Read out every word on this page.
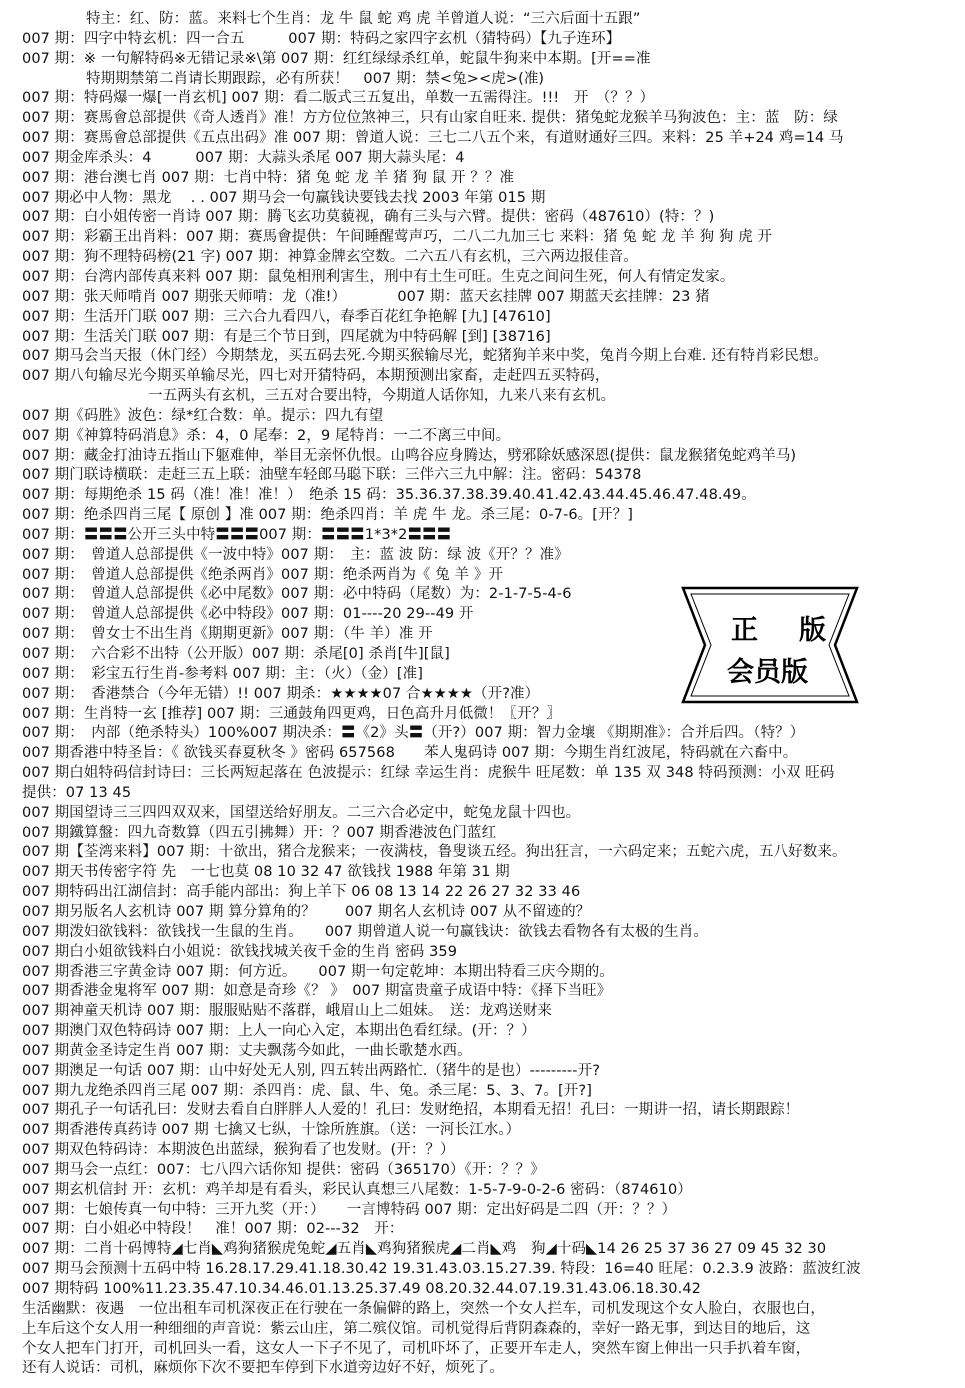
特主：红、防：蓝。来料七个生肖：龙 牛 鼠 蛇 鸡 虎 羊曾道人说：“三六后面十五跟”
007 期：四字中特玄机：四一合五　　　007 期：特码之家四字玄机（猜特码）【九子连环】
007 期：※ 一句解特码※无错记录※\第 007 期：红红绿绿杀红单，蛇鼠牛狗来中本期。[开==准
特期期禁第二肖请长期跟踪，必有所获！　007 期：禁<兔><虎>(准)
007 期：特码爆一爆[一肖玄机] 007 期：看二版式三五复出，单数一五需得注。!!!　开　（？？）
007 期：赛馬會总部提供《奇人透肖》准！方方位位煞神三，只有山家自旺来. 提供：猪兔蛇龙猴羊马狗波色：主：蓝　防：绿
007 期：赛馬會总部提供《五点出码》准 007 期：曾道人说：三七二八五个来，有道财通好三四。来料：25 羊+24 鸡=14 马
007 期金库杀头：4　　　007 期：大蒜头杀尾 007 期大蒜头尾：4
007 期：港台澳七肖 007 期：七肖中特：猪 兔 蛇 龙 羊 猪 狗 鼠 开 ？？准
007 期必中人物：黑龙　 . . 007 期马会一句赢钱诀要钱去找 2003 年第 015 期
007 期：白小姐传密一肖诗 007 期：腾飞玄功莫藐视，确有三头与六臂。提供：密码（487610）(特：？)
007 期：彩霸王出肖料：007 期：赛馬會提供：午间睡醒莺声巧，二八二九加三七 来料：猪 兔 蛇 龙 羊 狗 狗 虎 开
007 期：狗不理特码榜(21 字) 007 期：神算金牌玄空数。二六五八有玄机，三六两边报佳音。
007 期：台湾内部传真来料 007 期：鼠兔相刑利害生，刑中有土生可旺。生克之间问生死，何人有情定发家。
007 期：张天师啃肖 007 期张天师啃：龙（准!）　　　　007 期：蓝天玄挂牌 007 期蓝天玄挂牌：23 猪
007 期：生活开门联 007 期：三六合九看四八，春季百花红争艳解 [九] [47610]
007 期：生活关门联 007 期：有是三个节日到，四尾就为中特码解 [到] [38716]
007 期马会当天报（休门经）今期禁龙，买五码去死.今期买猴输尽光，蛇猪狗羊来中奖，兔肖今期上台难. 还有特肖彩民想。
007 期八句输尽光今期买单输尽光，四七对开猜特码，本期预测出家畜，走赶四五买特码，
一五两头有玄机，三五对合要出特，今期道人话你知，九来八来有玄机。
007 期《码胜》波色：绿*红合数：单。提示：四九有望
007 期《神算特码消息》杀：4，0 尾奉：2，9 尾特肖：一二不离三中间。
007 期：藏金打油诗五指山下躯难伸，举目无亲怀仇恨。山鸣谷应身腾达，劈邪除妖感深恩(提供：鼠龙猴猪兔蛇鸡羊马)
007 期门联诗横联：走赶三五上联：油壁车轻郎马聪下联：三伴六三九中解：注。密码：54378
007 期：每期绝杀 15 码（准！准！准！）　绝杀 15 码：35.36.37.38.39.40.41.42.43.44.45.46.47.48.49。
007 期：绝杀四肖三尾【 原创 】准 007 期：绝杀四肖：羊 虎 牛 龙。杀三尾：0-7-6。[开？]
007 期：〓〓〓公开三头中特〓〓〓007 期：〓〓〓1*3*2〓〓〓
007 期：　曾道人总部提供《一波中特》007 期：　主：蓝 波 防：绿 波《开？？准》
007 期：　曾道人总部提供《绝杀两肖》007 期：绝杀两肖为《 兔 羊 》开
007 期：　曾道人总部提供《必中尾数》007 期：必中特码（尾数）为：2-1-7-5-4-6
007 期：　曾道人总部提供《必中特段》007 期：01----20 29--49 开
007 期：　曾女士不出生肖《期期更新》007 期：（牛 羊）准 开
007 期：　六合彩不出特（公开版）007 期：杀尾[0] 杀肖[牛][鼠]
007 期：　彩宝五行生肖-参考料 007 期：主：（火）（金）[准]
007 期：　香港禁合（今年无错）!! 007 期杀：★★★★07 合★★★★（开?准）
007 期：生肖特一玄 [推荐] 007 期：三通鼓角四更鸡，日色高升月低微！〖开？〗
007 期：　内部（绝杀特头）100%007 期决杀：〓《2》头〓（开?）007 期：智力金壤 《期期准》：合并后四。（特？）
007 期香港中特圣旨：《 欲钱买春夏秋冬 》密码 657568　　苯人鬼码诗 007 期：今期生肖红波尾，特码就在六畜中。
007 期白姐特码信封诗曰：三长两短起落在 色波提示：红绿 幸运生肖：虎猴牛 旺尾数：单 135 双 348 特码预测：小双 旺码
提供：07 13 45
007 期国望诗三三四四双双来，国望送给好朋友。二三六合必定中，蛇兔龙鼠十四也。
007 期鐵算盤：四九奇数算（四五引拂舞）开：？007 期香港波色门蓝红
007 期【荃湾来料】007 期：十欲出，猪合龙猴来；一夜满枝，鲁叟谈五经。狗出狂言，一六码定来；五蛇六虎，五八好数来。
007 期天书传密字符 先　一七也莫 08 10 32 47 欲钱找 1988 年第 31 期
007 期特码出江湖信封：高手能内部出：狗上羊下 06 08 13 14 22 26 27 32 33 46
007 期另版名人玄机诗 007 期 算分算角的？　　007 期名人玄机诗 007 从不留迹的？
007 期泼妇欲钱料：欲钱找一生鼠的生肖。　　007 期曾道人说一句赢钱诀：欲钱去看物各有太极的生肖。
007 期白小姐欲钱料白小姐说：欲钱找城关夜千金的生肖 密码 359
007 期香港三字黄金诗 007 期：何方近。　　007 期一句定乾坤：本期出特看三庆今期的。
007 期香港金鬼将军 007 期：如意是奇珍《？ 》　007 期富贵童子成语中特：《择下当旺》
007 期神童天机诗 007 期：服服贴贴不落群，峨眉山上二姐妹。　送：龙鸡送财来
007 期澳门双色特码诗 007 期：上人一向心入定，本期出色看红绿。(开：？）
007 期黄金圣诗定生肖 007 期：丈夫飘荡今如此，一曲长歌楚水西。
007 期澳足一句话 007 期：山中好处无人别, 四五转出两路忙.（猪牛的是也）---------开?
007 期九龙绝杀四肖三尾 007 期：杀四肖：虎、鼠、牛、兔。杀三尾：5、3、7。[开?]
007 期孔子一句话孔曰：发财去看自白胖胖人人爱的！孔曰：发财绝招，本期看无招！孔曰：一期讲一招，请长期跟踪！
007 期香港传真药诗 007 期 七擒又七纵，十馀所旌旗。（送：一河长江水。）
007 期双色特码诗：本期波色出蓝绿，猴狗看了也发财。(开：？）
007 期马会一点红：007：七八四六话你知 提供：密码（365170）《开：？？》
007 期玄机信封 开：玄机：鸡羊却是有看头，彩民认真想三八尾数：1-5-7-9-0-2-6 密码：（874610）
007 期：七娘传真一句中特：三开九奖（开：）　　一言博特码 007 期：定出好码是二四（开：？？）
007 期：白小姐必中特段！　准！007 期：02---32　开：
007 期：二肖十码博特◢七肖◣鸡狗猪猴虎兔蛇◢五肖◣鸡狗猪猴虎◢二肖◣鸡　狗◢十码◣14 26 25 37 36 27 09 45 32 30
007 期马会预测十五码中特 16.28.17.29.41.18.30.42 19.31.43.03.15.27.39. 特段：16=40 旺尾：0.2.3.9 波路：蓝波红波
007 期特码 100%11.23.35.47.10.34.46.01.13.25.37.49 08.20.32.44.07.19.31.43.06.18.30.42
生活幽默：夜遇　一位出租车司机深夜正在行驶在一条偏僻的路上，突然一个女人拦车，司机发现这个女人脸白，衣服也白，
上车后这个女人用一种细细的声音说：紫云山庄，第二殡仪馆。司机觉得后背阴森森的，幸好一路无事，到达目的地后，这
个女人把车门打开，司机回头一看，这女人一下子不见了，司机吓坏了，正要开车走人，突然车窗上伸出一只手扒着车窗，
还有人说话：司机，麻烦你下次不要把车停到下水道旁边好不好，烦死了。
正 版
会员版
